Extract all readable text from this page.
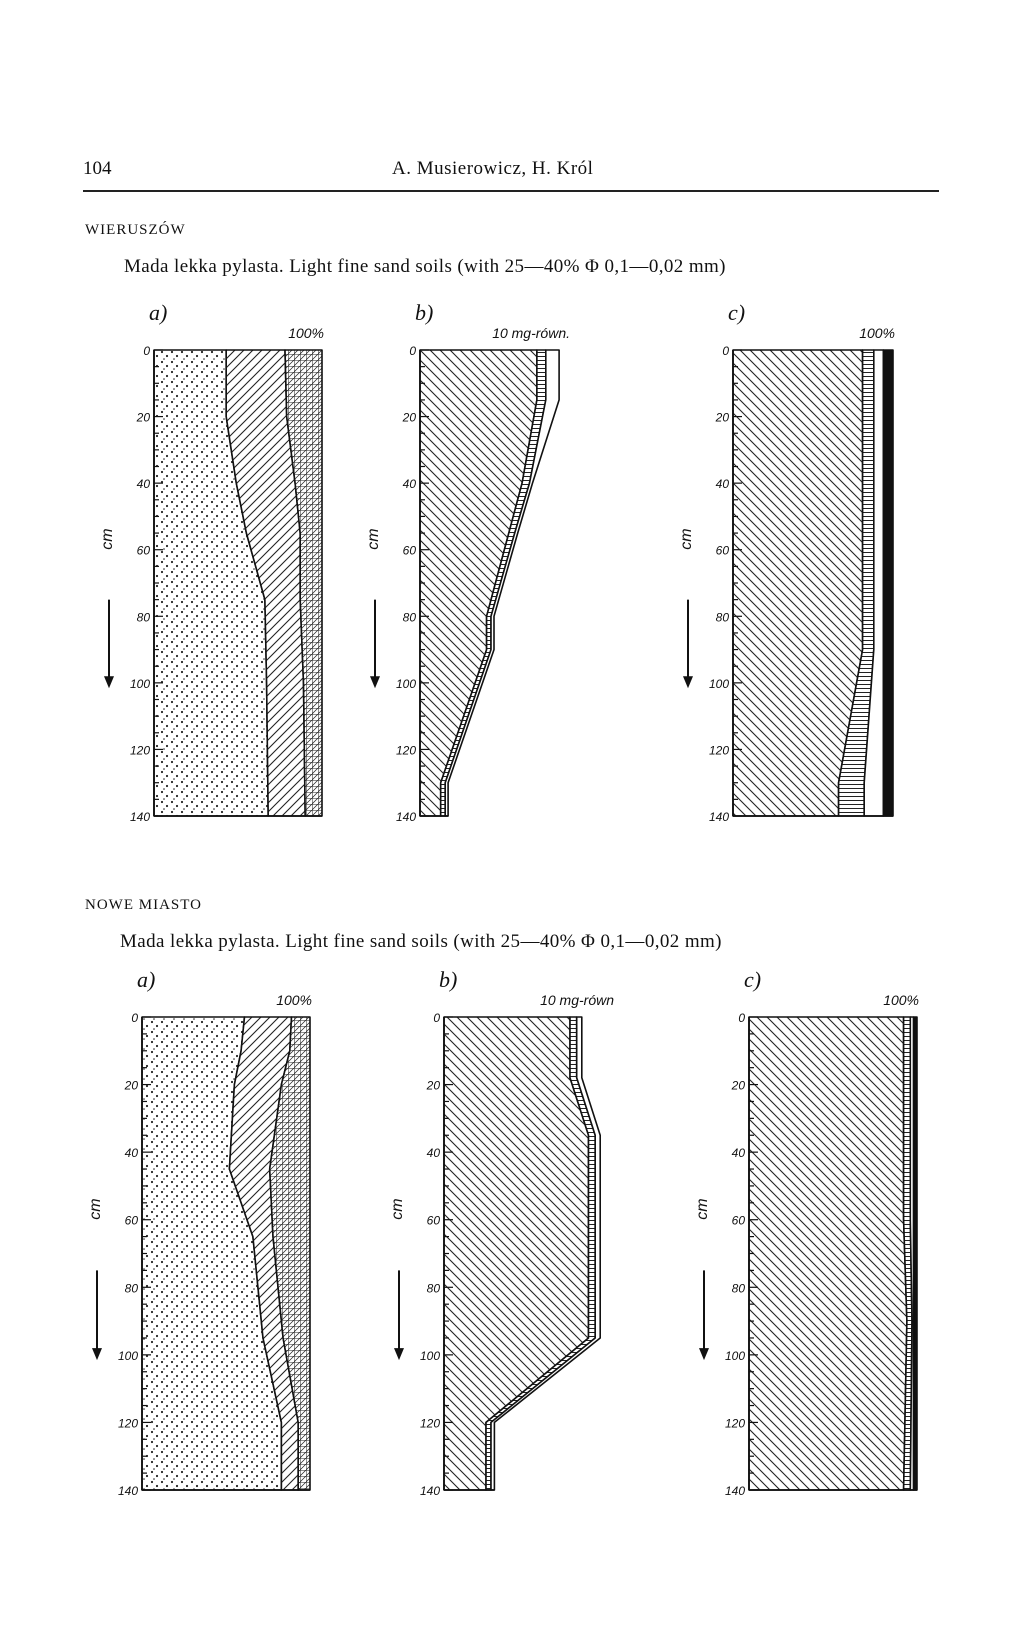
104	A. Musierowicz, H. Król
WIERUSZÓW
Mada lekka pylasta. Light fine sand soils (with 25—40% Φ 0,1—0,02 mm)
NOWE MIASTO
Mada lekka pylasta. Light fine sand soils (with 25—40% Φ 0,1—0,02 mm)
0
20
40
60
80
100
120
140
cm
a)
100%
0
20
40
60
80
100
120
140
cm
b)
10 mg-równ.
0
20
40
60
80
100
120
140
cm
c)
100%
0
20
40
60
80
100
120
140
cm
a)
100%
0
20
40
60
80
100
120
140
cm
b)
10 mg-równ
0
20
40
60
80
100
120
140
cm
c)
100%
